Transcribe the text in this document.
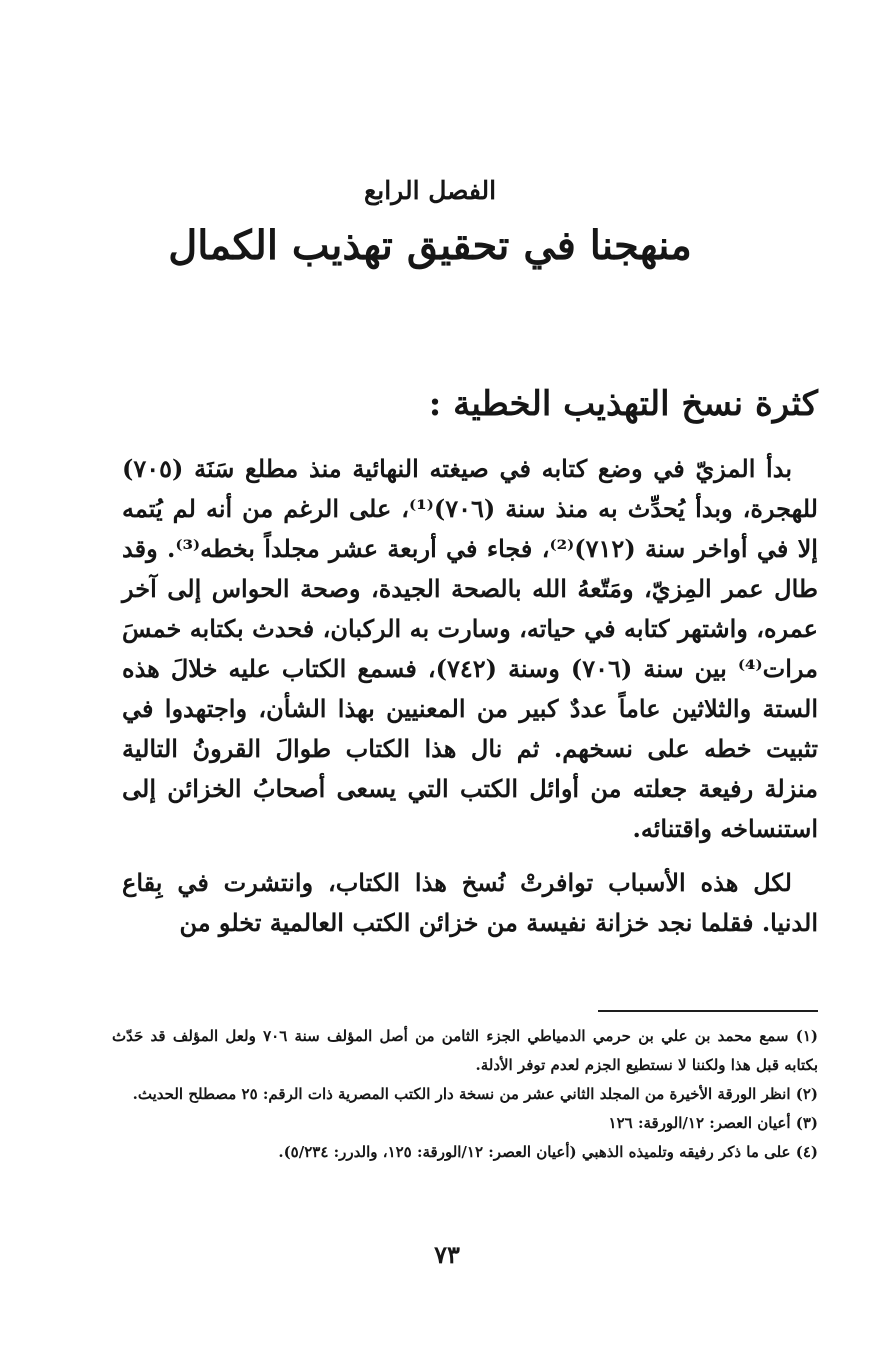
الفصل الرابع
منهجنا في تحقيق تهذيب الكمال
كثرة نسخ التهذيب الخطية :

بدأ المزيّ في وضع كتابه في صيغته النهائية منذ مطلع سَنَة (٧٠٥) للهجرة، وبدأ يُحدِّث به منذ سنة (٧٠٦)⁽¹⁾، على الرغم من أنه لم يُتمه إلا في أواخر سنة (٧١٢)⁽²⁾، فجاء في أربعة عشر مجلداً بخطه⁽³⁾. وقد طال عمر المِزيّ، ومَتّعهُ الله بالصحة الجيدة، وصحة الحواس إلى آخر عمره، واشتهر كتابه في حياته، وسارت به الركبان، فحدث بكتابه خمسَ مرات⁽⁴⁾ بين سنة (٧٠٦) وسنة (٧٤٢)، فسمع الكتاب عليه خلالَ هذه الستة والثلاثين عاماً عددٌ كبير من المعنيين بهذا الشأن، واجتهدوا في تثبيت خطه على نسخهم. ثم نال هذا الكتاب طوالَ القرونُ التالية منزلة رفيعة جعلته من أوائل الكتب التي يسعى أصحابُ الخزائن إلى استنساخه واقتنائه.

لكل هذه الأسباب توافرتْ نُسخ هذا الكتاب، وانتشرت في بِقاع الدنيا. فقلما نجد خزانة نفيسة من خزائن الكتب العالمية تخلو من

(١) سمع محمد بن علي بن حرمي الدمياطي الجزء الثامن من أصل المؤلف سنة ٧٠٦ ولعل المؤلف قد حَدّث بكتابه قبل هذا ولكننا لا نستطيع الجزم لعدم توفر الأدلة.

(٢) انظر الورقة الأخيرة من المجلد الثاني عشر من نسخة دار الكتب المصرية ذات الرقم: ٢٥ مصطلح الحديث.

(٣) أعيان العصر: ١٢/الورقة: ١٢٦

(٤) على ما ذكر رفيقه وتلميذه الذهبي (أعيان العصر: ١٢/الورقة: ١٢٥، والدرر: ٥/٢٣٤).

٧٣
